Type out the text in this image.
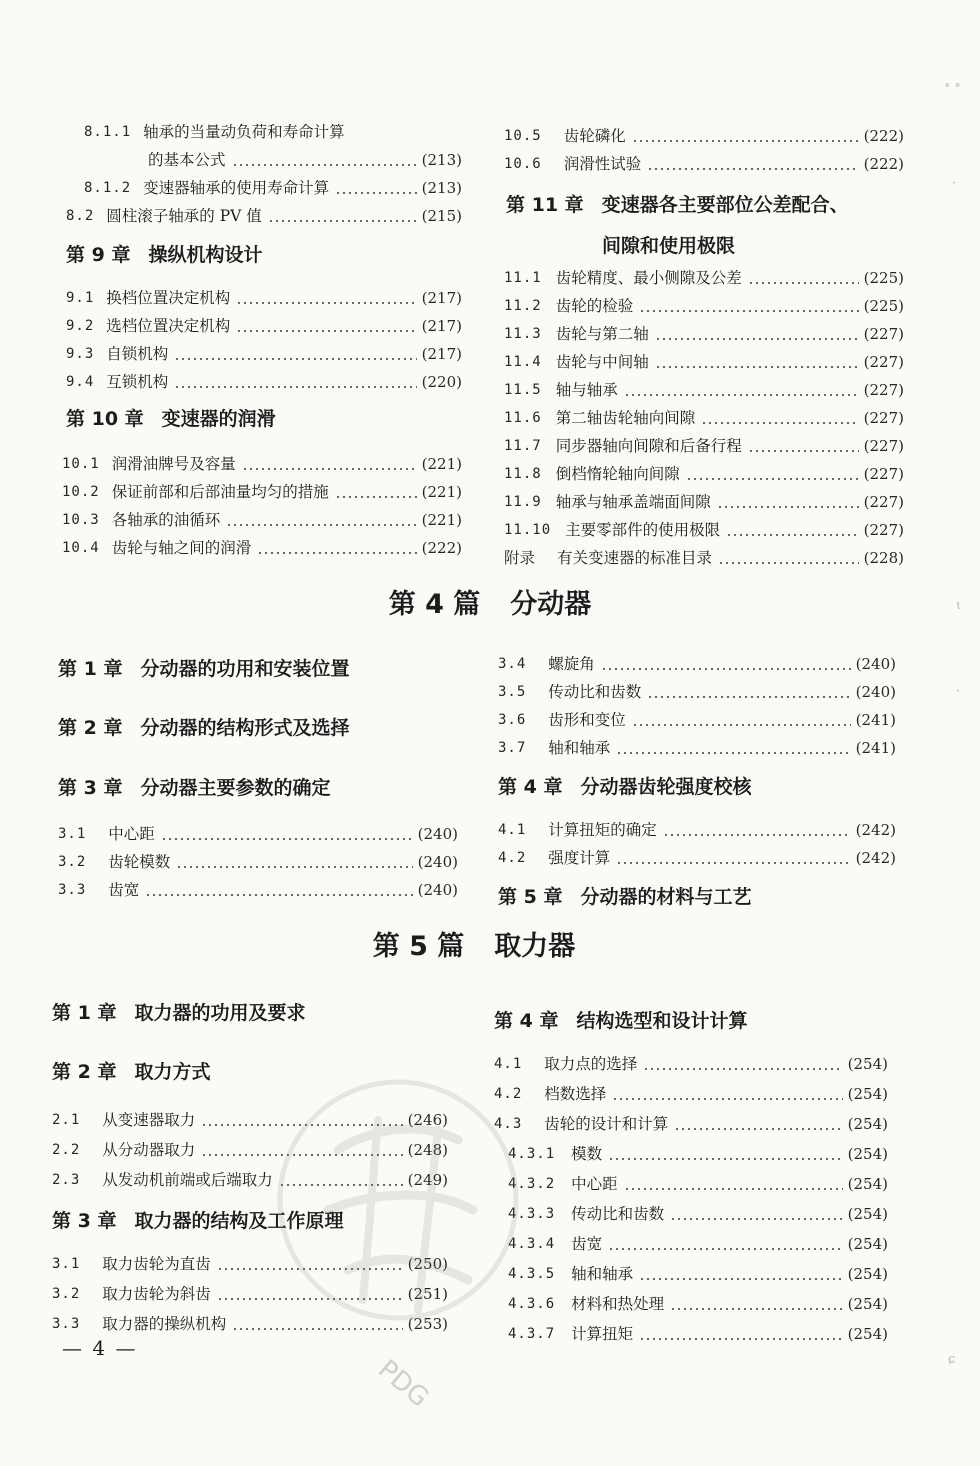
8.1.1 轴承的当量动负荷和寿命计算
的基本公式	(213)
8.1.2 变速器轴承的使用寿命计算	(213)
8.2 圆柱滚子轴承的 PV 值	(215)
第 9 章 操纵机构设计
9.1 换档位置决定机构	(217)
9.2 选档位置决定机构	(217)
9.3 自锁机构	(217)
9.4 互锁机构	(220)
第 10 章 变速器的润滑
10.1 润滑油牌号及容量	(221)
10.2 保证前部和后部油量均匀的措施	(221)
10.3 各轴承的油循环	(221)
10.4 齿轮与轴之间的润滑	(222)
10.5 齿轮磷化	(222)
10.6 润滑性试验	(222)
第 11 章 变速器各主要部位公差配合、
间隙和使用极限
11.1 齿轮精度、最小侧隙及公差	(225)
11.2 齿轮的检验	(225)
11.3 齿轮与第二轴	(227)
11.4 齿轮与中间轴	(227)
11.5 轴与轴承	(227)
11.6 第二轴齿轮轴向间隙	(227)
11.7 同步器轴向间隙和后备行程	(227)
11.8 倒档惰轮轴向间隙	(227)
11.9 轴承与轴承盖端面间隙	(227)
11.10 主要零部件的使用极限	(227)
附录 有关变速器的标准目录	(228)
第 4 篇 分动器
第 1 章 分动器的功用和安装位置
第 2 章 分动器的结构形式及选择
第 3 章 分动器主要参数的确定
3.1 中心距	(240)
3.2 齿轮模数	(240)
3.3 齿宽	(240)
3.4 螺旋角	(240)
3.5 传动比和齿数	(240)
3.6 齿形和变位	(241)
3.7 轴和轴承	(241)
第 4 章 分动器齿轮强度校核
4.1 计算扭矩的确定	(242)
4.2 强度计算	(242)
第 5 章 分动器的材料与工艺
第 5 篇 取力器
第 1 章 取力器的功用及要求
第 2 章 取力方式
2.1 从变速器取力	(246)
2.2 从分动器取力	(248)
2.3 从发动机前端或后端取力	(249)
第 3 章 取力器的结构及工作原理
3.1 取力齿轮为直齿	(250)
3.2 取力齿轮为斜齿	(251)
3.3 取力器的操纵机构	(253)
第 4 章 结构选型和设计计算
4.1 取力点的选择	(254)
4.2 档数选择	(254)
4.3 齿轮的设计和计算	(254)
4.3.1 模数	(254)
4.3.2 中心距	(254)
4.3.3 传动比和齿数	(254)
4.3.4 齿宽	(254)
4.3.5 轴和轴承	(254)
4.3.6 材料和热处理	(254)
4.3.7 计算扭矩	(254)
— 4 —
PDG
∘ ∘
·
ɩ
·
ɕ
